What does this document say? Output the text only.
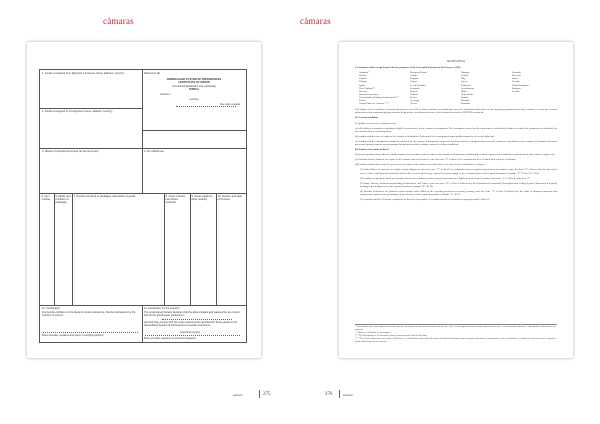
cámaras	cámaras
1. Goods consigned from (Exporter's business name, address, country)	Reference No.
GENERALIZED SYSTEM OF PREFERENCES
CERTIFICATE OF ORIGIN
(Combined declaration and certificate)
FORM A
Issued in
(country)
See notes overleaf
2. Goods consigned to (Consignee's name, address, country)
3. Means of transport and route (as far as known)	4. For official use
5. Item number
6. Marks and numbers of packages
7. Number and kind of packages; description of goods	8. Origin criterion (see Notes overleaf)
9. Gross weight or other quantity
10. Number and date of invoices
11. Certification
It is hereby certified, on the basis of control carried out, that the declaration by the exporter is correct.
Place and date, signature and stamp of certifying authority
12. Declaration by the exporter
The undersigned hereby declares that the above details and statements are correct; that all the goods were produced in
and that they comply with the origin requirements specified for those goods in the Generalized System of Preferences for goods exported to
(importing country)
Place and date, signature of authorized signatory
NOTES (FEA)

I. Countries which accept Form A for the purposes of the Generalized System of Preferences (GSP):

Australia*
Belarus
Canada
Finland
Japan
New Zealand**
Norway
Russian Federation
Switzerland including Liechtenstein***
Turkey
United States of America****
European Union:
Austria
Belgium
Cyprus
Czech Republic
Denmark
Estonia
Finland
France
Germany
Greece
Hungary
Ireland
Italy
Latvia
Lithuania
Luxembourg
Malta
Netherlands
Poland
Portugal
Romania
Slovakia
Slovenia
Spain
Sweden
United Kingdom
Bulgaria
Croatia

Full details of the conditions covering admission to the GSP in these countries are obtainable from the designated authorities in the exporting preference-receiving countries or from the customs authorities of the preference-giving countries listed above. An information note is also obtainable from the UNCTAD secretariat.

II. General conditions

To qualify for preference, products must:

(a) fall within a description of products eligible for preference in the country of destination. The description entered on the form must be sufficiently detailed to enable the products to be identified by the customs officer examining them;

(b) comply with the rules of origin of the country of destination. Each article in a consignment must qualify separately in its own right; and

(c) comply with the consignment conditions specified by the country of destination. In general, products must be consigned direct from the country of exportation to the country of destination but most preference-giving countries accept passage through intermediate countries subject to certain conditions.

III. Entries to be made in Box 8

Preference products must either be wholly obtained in accordance with the rules of the country of destination or sufficiently worked or processed to fulfil the requirements of that country's origin rules.

(a) Products wholly obtained: for export to all countries listed in Section I, enter the letter "P" in Box 8 (for Australia and New Zealand Box 8 may be left blank).

(b) Products sufficiently worked or processed: for export to the countries specified below, the entry in Box 8 should be as follows:

(1) United States of America: for single country shipments, enter the letter "Y" in Box 8; for shipments from recognized associations of countries, enter the letter "Z", followed by the sum of the cost or value of the domestic materials and the direct cost of processing, expressed as a percentage of the ex-factory price of the exported products (example "Y" 35% or "Z" 35%).

(2) Canada: for products which meet origin criteria from working or processing in more than one eligible least developed country, enter letter "G" in Box 8, otherwise "F".

(3) Japan, Norway, Switzerland including Liechtenstein, and Turkey: enter the letter "W" in Box 8 followed by the Harmonized Commodity Description and Coding System (Harmonized System) heading at the 4-digit level of the exported product (example "W" 96.18).

(4) Russian Federation: for products which include value added in the exporting preference-receiving country, enter the letter "Y" in Box 8 followed by the value of imported materials and components expressed as a percentage of the fob price of the exported products (example "Y" 45%).

(5) Australia and New Zealand: completion of Box 8 is not required. It is sufficient that a declaration be properly made in Box 12.

* For Australia, the main requirement is the exporter's declaration on the normal commercial invoice. Form A, accompanied by the normal commercial invoice, is an acceptable alternative, but official certification is not required.
** Official certification is not required.
*** The Principality of Liechtenstein forms a customs union with Switzerland.
**** The United States does not require GSP Form A. A declaration setting forth all pertinent detailed information concerning the production or manufacture of the merchandise is considered sufficient only if requested by the district director of Customs.
anexos	275	276	anexos
